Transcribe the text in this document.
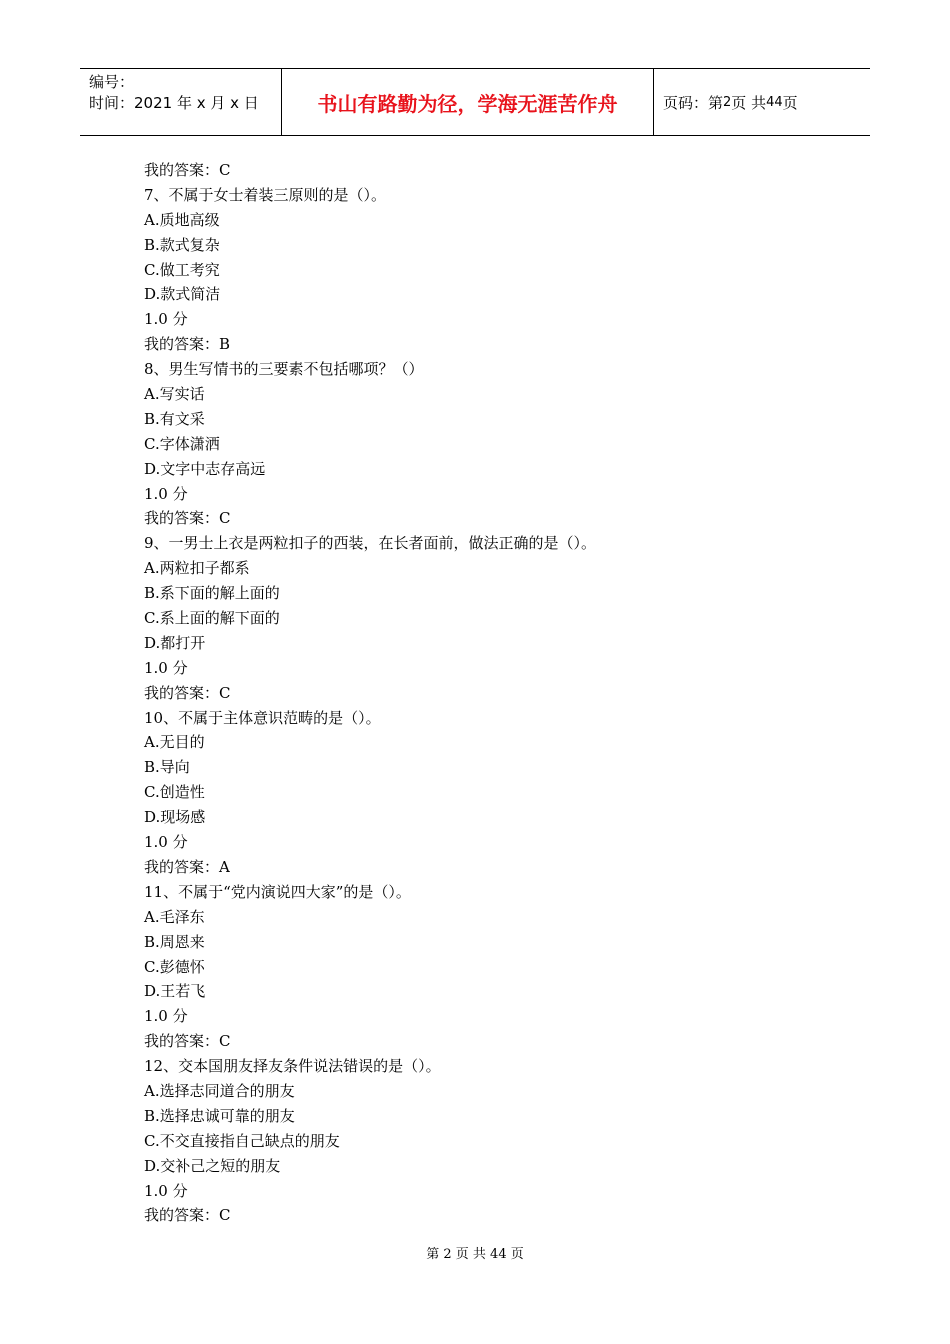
编号：
时间：2021 年 x 月 x 日	书山有路勤为径，学海无涯苦作舟	页码：第 2 页 共 44 页
我的答案：C
7、不属于女士着装三原则的是（）。
A.质地高级
B.款式复杂
C.做工考究
D.款式简洁
1.0 分
我的答案：B
8、男生写情书的三要素不包括哪项？（）
A.写实话
B.有文采
C.字体潇洒
D.文字中志存高远
1.0 分
我的答案：C
9、一男士上衣是两粒扣子的西装，在长者面前，做法正确的是（）。
A.两粒扣子都系
B.系下面的解上面的
C.系上面的解下面的
D.都打开
1.0 分
我的答案：C
10、不属于主体意识范畴的是（）。
A.无目的
B.导向
C.创造性
D.现场感
1.0 分
我的答案：A
11、不属于“党内演说四大家”的是（）。
A.毛泽东
B.周恩来
C.彭德怀
D.王若飞
1.0 分
我的答案：C
12、交本国朋友择友条件说法错误的是（）。
A.选择志同道合的朋友
B.选择忠诚可靠的朋友
C.不交直接指自己缺点的朋友
D.交补己之短的朋友
1.0 分
我的答案：C
第 2 页 共 44 页
